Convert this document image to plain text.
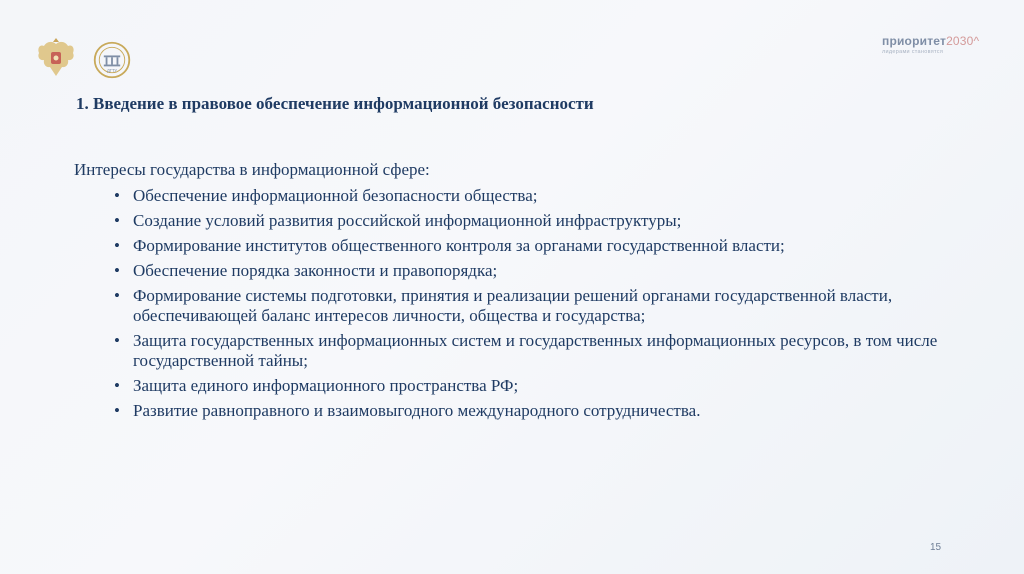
ДГТУ
приоритет2030^
лидерами становятся
1. Введение в правовое обеспечение информационной безопасности
Интересы государства в информационной сфере:
• Обеспечение информационной безопасности общества;
• Создание условий развития российской информационной инфраструктуры;
• Формирование институтов общественного контроля за органами государственной власти;
• Обеспечение порядка законности и правопорядка;
• Формирование системы подготовки, принятия и реализации решений органами государственной власти, обеспечивающей баланс интересов личности, общества и государства;
• Защита государственных информационных систем и государственных информационных ресурсов, в том числе государственной тайны;
• Защита единого информационного пространства РФ;
• Развитие равноправного и взаимовыгодного международного сотрудничества.
15
